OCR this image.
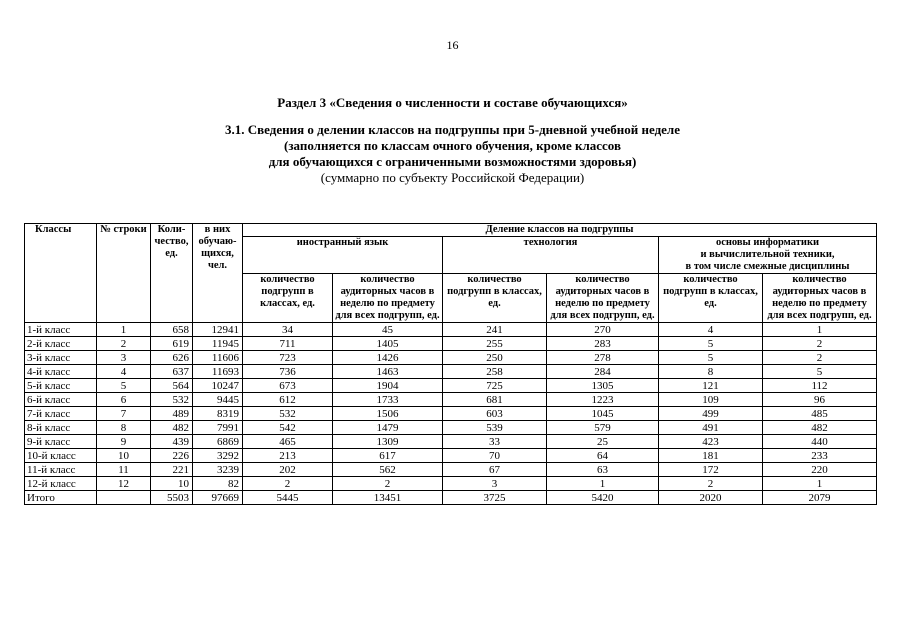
16
Раздел 3 «Сведения о численности и составе обучающихся»
3.1. Сведения о делении классов на подгруппы при 5-дневной учебной неделе
(заполняется по классам очного обучения, кроме классов
для обучающихся с ограниченными возможностями здоровья)
(суммарно по субъекту Российской Федерации)
Классы	№ строки	Коли-чество, ед.	в них обучаю-щихся, чел.	Деление классов на подгруппы					
				иностранный язык		технология		основы информатики
и вычислительной техники,
в том числе смежные дисциплины	

				количество подгрупп в классах, ед.	количество аудиторных часов в неделю по предмету для всех подгрупп, ед.	количество подгрупп в классах, ед.	количество аудиторных часов в неделю по предмету для всех подгрупп, ед.	количество подгрупп в классах, ед.	количество аудиторных часов в неделю по предмету для всех подгрупп, ед.
1-й класс	1	658	12941	34	45	241	270	4	1
2-й класс	2	619	11945	711	1405	255	283	5	2
3-й класс	3	626	11606	723	1426	250	278	5	2
4-й класс	4	637	11693	736	1463	258	284	8	5
5-й класс	5	564	10247	673	1904	725	1305	121	112
6-й класс	6	532	9445	612	1733	681	1223	109	96
7-й класс	7	489	8319	532	1506	603	1045	499	485
8-й класс	8	482	7991	542	1479	539	579	491	482
9-й класс	9	439	6869	465	1309	33	25	423	440
10-й класс	10	226	3292	213	617	70	64	181	233
11-й класс	11	221	3239	202	562	67	63	172	220
12-й класс	12	10	82	2	2	3	1	2	1
Итого		5503	97669	5445	13451	3725	5420	2020	2079
